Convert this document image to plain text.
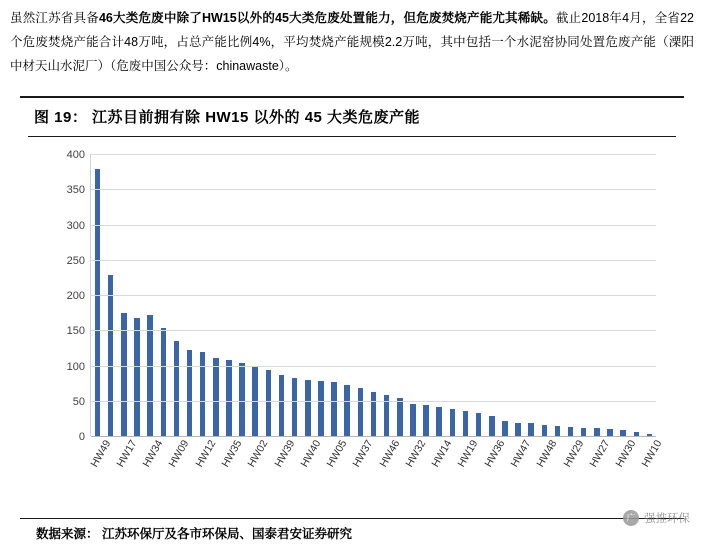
虽然江苏省具备46大类危废中除了HW15以外的45大类危废处置能力，但危废焚烧产能尤其稀缺。截止2018年4月，全省22个危废焚烧产能合计48万吨，占总产能比例4%，平均焚烧产能规模2.2万吨，其中包括一个水泥窑协同处置危废产能（溧阳中材天山水泥厂）（危废中国公众号：chinawaste）。
图 19： 江苏目前拥有除 HW15 以外的 45 大类危废产能
0
50
100
150
200
250
300
350
400
HW49 HW17 HW34 HW09 HW12 HW35 HW02 HW39 HW40 HW05 HW37 HW46 HW32 HW14 HW19 HW36 HW47 HW48 HW29 HW27 HW30 HW10
数据来源： 江苏环保厅及各市环保局、国泰君安证券研究
广 强推环保
